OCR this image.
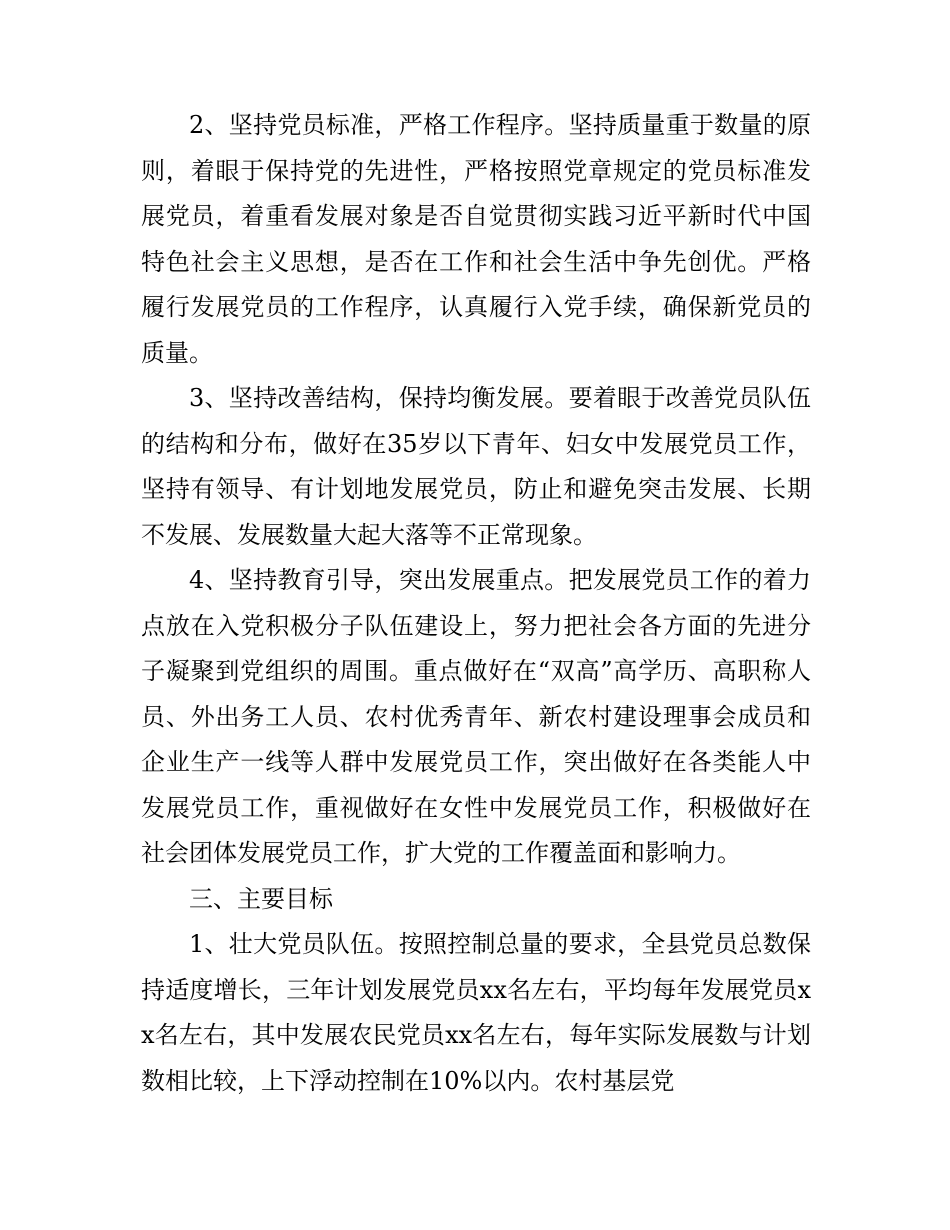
2、坚持党员标准，严格工作程序。坚持质量重于数量的原则，着眼于保持党的先进性，严格按照党章规定的党员标准发展党员，着重看发展对象是否自觉贯彻实践习近平新时代中国特色社会主义思想，是否在工作和社会生活中争先创优。严格履行发展党员的工作程序，认真履行入党手续，确保新党员的质量。

3、坚持改善结构，保持均衡发展。要着眼于改善党员队伍的结构和分布，做好在35岁以下青年、妇女中发展党员工作，坚持有领导、有计划地发展党员，防止和避免突击发展、长期不发展、发展数量大起大落等不正常现象。

4、坚持教育引导，突出发展重点。把发展党员工作的着力点放在入党积极分子队伍建设上，努力把社会各方面的先进分子凝聚到党组织的周围。重点做好在“双高”高学历、高职称人员、外出务工人员、农村优秀青年、新农村建设理事会成员和企业生产一线等人群中发展党员工作，突出做好在各类能人中发展党员工作，重视做好在女性中发展党员工作，积极做好在社会团体发展党员工作，扩大党的工作覆盖面和影响力。

三、主要目标

1、壮大党员队伍。按照控制总量的要求，全县党员总数保持适度增长，三年计划发展党员xx名左右，平均每年发展党员xx名左右，其中发展农民党员xx名左右，每年实际发展数与计划数相比较，上下浮动控制在10%以内。农村基层党
